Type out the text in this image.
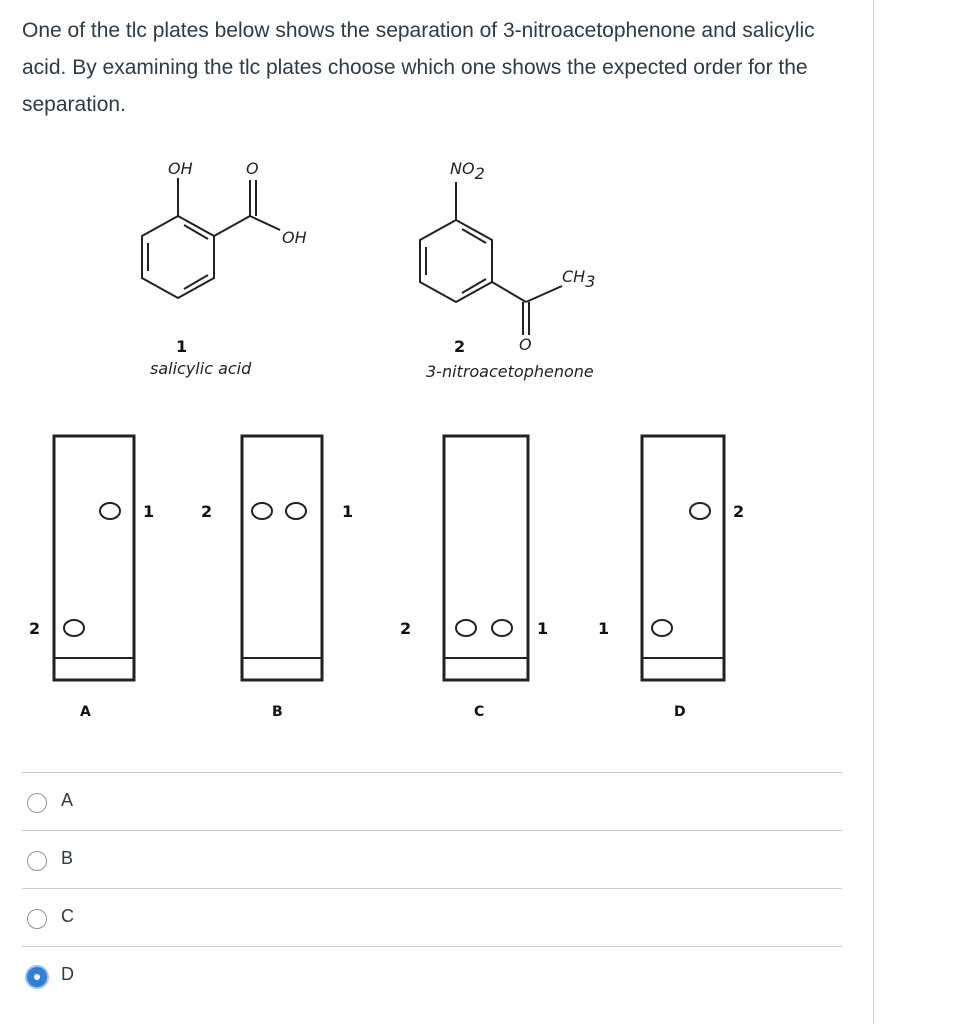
One of the tlc plates below shows the separation of 3-nitroacetophenone and salicylic acid. By examining the tlc plates choose which one shows the expected order for the separation.
OH	O
OH
1
salicylic acid
NO2
CH3
O
2
3-nitroacetophenone
1
2
A
2	1
B
2	1
C
2
1
D
A
B
C
D
